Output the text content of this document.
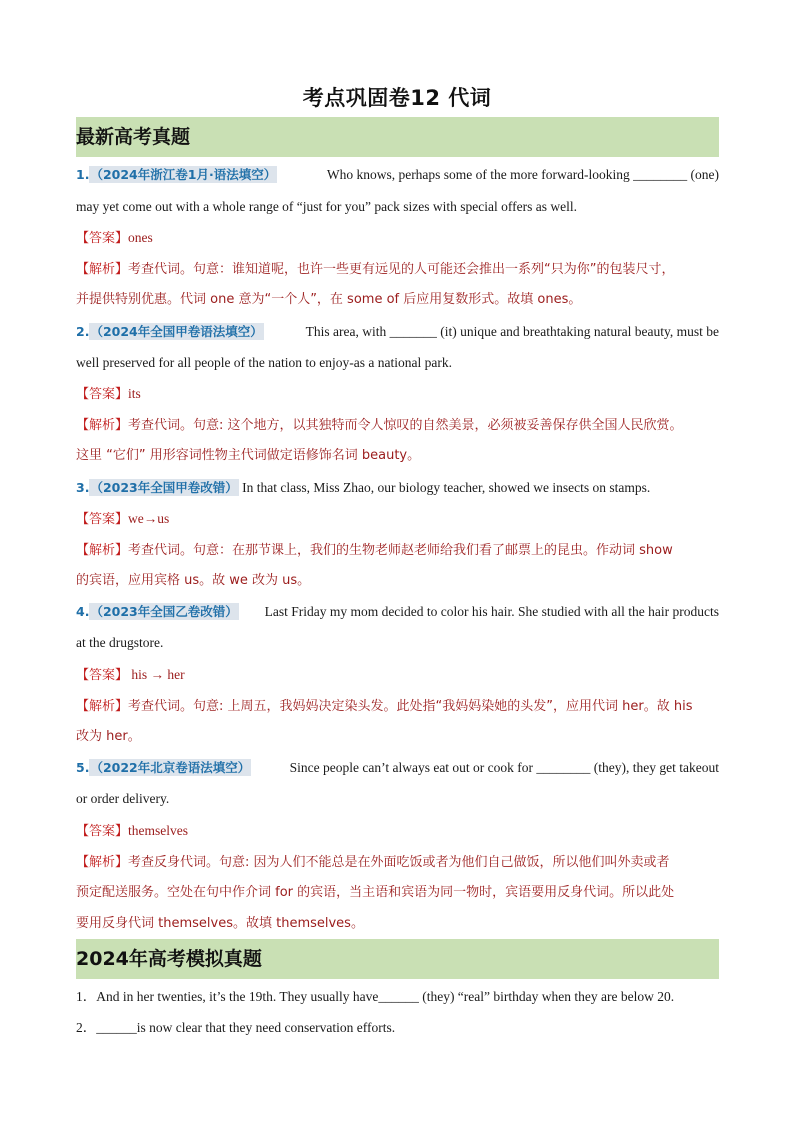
考点巩固卷12 代词
最新高考真题
1.（2024年浙江卷1月·语法填空）	Who knows, perhaps some of the more forward-looking ________ (one)
may yet come out with a whole range of “just for you” pack sizes with special offers as well.
【答案】ones
【解析】考查代词。句意：谁知道呢，也许一些更有远见的人可能还会推出一系列“只为你”的包装尺寸，
并提供特别优惠。代词 one 意为“一个人”，在 some of 后应用复数形式。故填 ones。
2.（2024年全国甲卷语法填空）	This area, with _______ (it) unique and breathtaking natural beauty, must be
well preserved for all people of the nation to enjoy-as a national park.
【答案】its
【解析】考查代词。句意: 这个地方，以其独特而令人惊叹的自然美景，必须被妥善保存供全国人民欣赏。
这里 “它们” 用形容词性物主代词做定语修饰名词 beauty。
3.（2023年全国甲卷改错） In that class, Miss Zhao, our biology teacher, showed we insects on stamps.
【答案】we→us
【解析】考查代词。句意：在那节课上，我们的生物老师赵老师给我们看了邮票上的昆虫。作动词 show
的宾语，应用宾格 us。故 we 改为 us。
4.（2023年全国乙卷改错） Last Friday my mom decided to color his hair. She studied with all the hair products
at the drugstore.
【答案】 his → her
【解析】考查代词。句意: 上周五，我妈妈决定染头发。此处指“我妈妈染她的头发”，应用代词 her。故 his
改为 her。
5.（2022年北京卷语法填空）	Since people can’t always eat out or cook for ________ (they), they get takeout
or order delivery.
【答案】themselves
【解析】考查反身代词。句意: 因为人们不能总是在外面吃饭或者为他们自己做饭，所以他们叫外卖或者
预定配送服务。空处在句中作介词 for 的宾语，当主语和宾语为同一物时，宾语要用反身代词。所以此处
要用反身代词 themselves。故填 themselves。
2024年高考模拟真题
1．And in her twenties, it’s the 19th. They usually have______ (they) “real” birthday when they are below 20.
2．______is now clear that they need conservation efforts.
